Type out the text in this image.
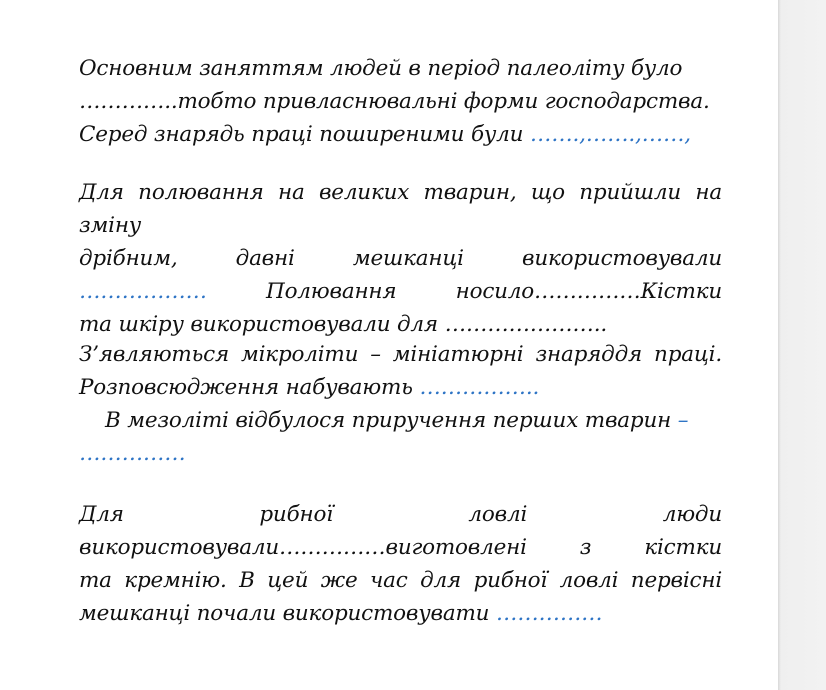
Основним заняттям людей в період палеоліту було
…………..тобто привласнювальні форми господарства.
Серед знарядь праці поширеними були …….,…….,……,
Для полювання на великих тварин, що прийшли на зміну
дрібним, давні мешканці використовували
………………	Полювання носило……………Кістки
та шкіру використовували для …………………..
З’являються мікроліти – мініатюрні знаряддя праці.
Розповсюдження набувають ……………..
В мезоліті відбулося приручення перших тварин –
……………
Для рибної ловлі люди
використовували……………виготовлені з кістки
та кремнію. В цей же час для рибної ловлі первісні
мешканці почали використовувати ……………
